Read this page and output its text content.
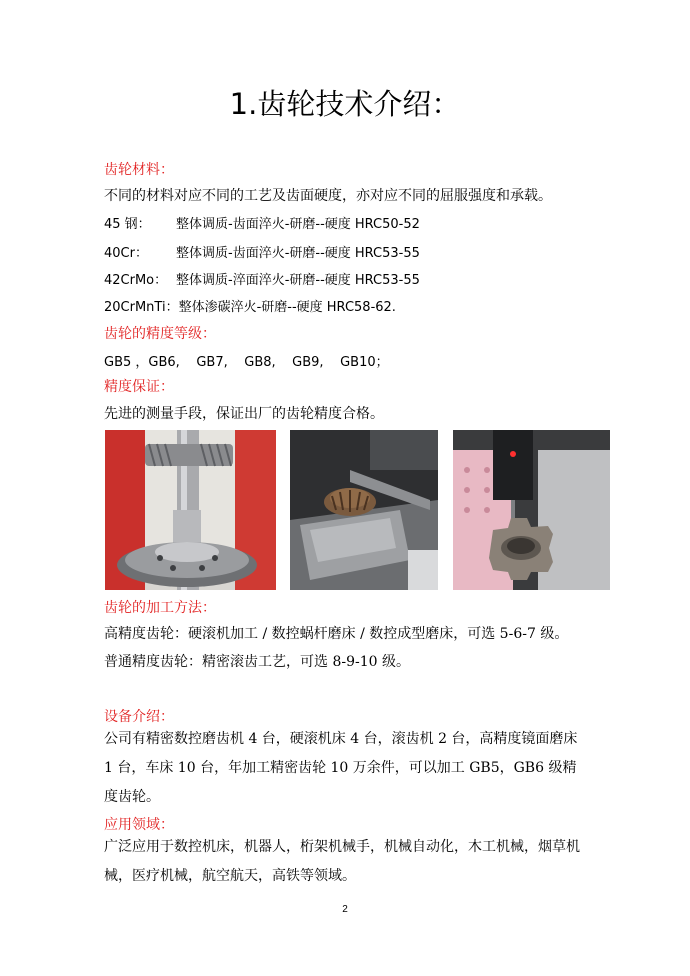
1.齿轮技术介绍：
齿轮材料：
不同的材料对应不同的工艺及齿面硬度，亦对应不同的屈服强度和承载。
45 钢： 整体调质-齿面淬火-研磨--硬度 HRC50-52
40Cr： 整体调质-齿面淬火-研磨--硬度 HRC53-55
42CrMo： 整体调质-淬面淬火-研磨--硬度 HRC53-55
20CrMnTi：整体渗碳淬火-研磨--硬度 HRC58-62.
齿轮的精度等级：
GB5 ，GB6,    GB7,    GB8,    GB9,    GB10；
精度保证：
先进的测量手段，保证出厂的齿轮精度合格。
齿轮的加工方法：
高精度齿轮：硬滚机加工 / 数控蜗杆磨床 / 数控成型磨床，可选 5-6-7 级。
普通精度齿轮：精密滚齿工艺，可选 8-9-10 级。
设备介绍：
公司有精密数控磨齿机 4 台，硬滚机床 4 台，滚齿机 2 台，高精度镜面磨床 1 台，车床 10 台，年加工精密齿轮 10 万余件，可以加工 GB5，GB6 级精度齿轮。
应用领域：
广泛应用于数控机床，机器人，桁架机械手，机械自动化，木工机械，烟草机械，医疗机械，航空航天，高铁等领域。
2
